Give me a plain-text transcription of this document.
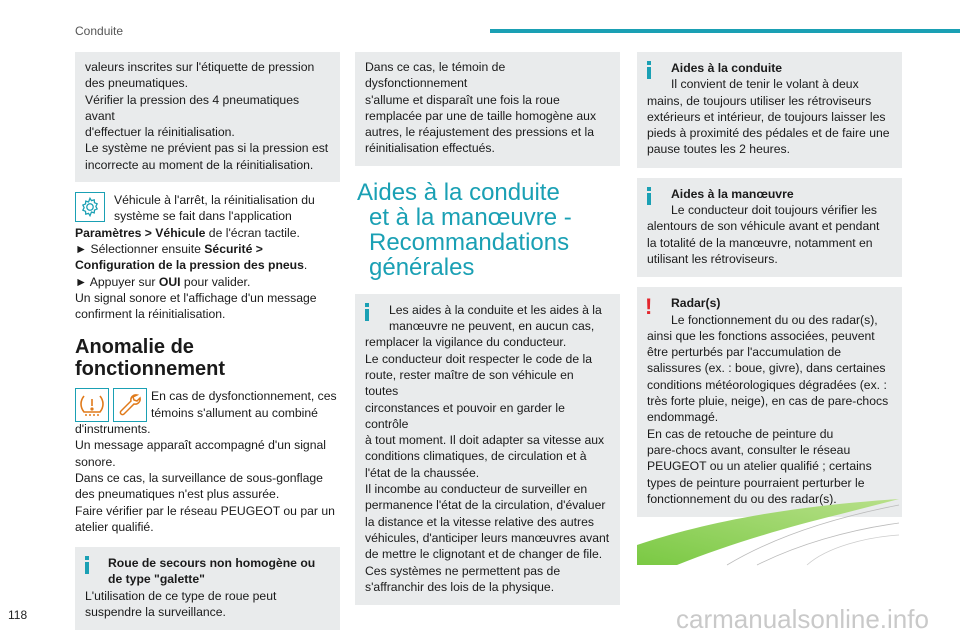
Conduite
valeurs inscrites sur l'étiquette de pression
des pneumatiques.
Vérifier la pression des 4 pneumatiques avant
d'effectuer la réinitialisation.
Le système ne prévient pas si la pression est
incorrecte au moment de la réinitialisation.
Véhicule à l'arrêt, la réinitialisation du
système se fait dans l'application
Paramètres > Véhicule de l'écran tactile.
► Sélectionner ensuite Sécurité >
Configuration de la pression des pneus.
► Appuyer sur OUI pour valider.
Un signal sonore et l'affichage d'un message
confirment la réinitialisation.
Anomalie de
fonctionnement
En cas de dysfonctionnement, ces
témoins s'allument au combiné
d'instruments.
Un message apparaît accompagné d'un signal
sonore.
Dans ce cas, la surveillance de sous-gonflage
des pneumatiques n'est plus assurée.
Faire vérifier par le réseau PEUGEOT ou par un
atelier qualifié.
Roue de secours non homogène ou
de type "galette"
L'utilisation de ce type de roue peut
suspendre la surveillance.
Dans ce cas, le témoin de dysfonctionnement
s'allume et disparaît une fois la roue
remplacée par une de taille homogène aux
autres, le réajustement des pressions et la
réinitialisation effectués.
Aides à la conduite
et à la manœuvre -
Recommandations
générales
Les aides à la conduite et les aides à la
manœuvre ne peuvent, en aucun cas,
remplacer la vigilance du conducteur.
Le conducteur doit respecter le code de la
route, rester maître de son véhicule en toutes
circonstances et pouvoir en garder le contrôle
à tout moment. Il doit adapter sa vitesse aux
conditions climatiques, de circulation et à
l'état de la chaussée.
Il incombe au conducteur de surveiller en
permanence l'état de la circulation, d'évaluer
la distance et la vitesse relative des autres
véhicules, d'anticiper leurs manœuvres avant
de mettre le clignotant et de changer de file.
Ces systèmes ne permettent pas de
s'affranchir des lois de la physique.
Aides à la conduite
Il convient de tenir le volant à deux
mains, de toujours utiliser les rétroviseurs
extérieurs et intérieur, de toujours laisser les
pieds à proximité des pédales et de faire une
pause toutes les 2 heures.
Aides à la manœuvre
Le conducteur doit toujours vérifier les
alentours de son véhicule avant et pendant
la totalité de la manœuvre, notamment en
utilisant les rétroviseurs.
! Radar(s)
Le fonctionnement du ou des radar(s),
ainsi que les fonctions associées, peuvent
être perturbés par l'accumulation de
salissures (ex. : boue, givre), dans certaines
conditions météorologiques dégradées (ex. :
très forte pluie, neige), en cas de pare-chocs
endommagé.
En cas de retouche de peinture du
pare-chocs avant, consulter le réseau
PEUGEOT ou un atelier qualifié ; certains
types de peinture pourraient perturber le
fonctionnement du ou des radar(s).
118	carmanualsonline.info
